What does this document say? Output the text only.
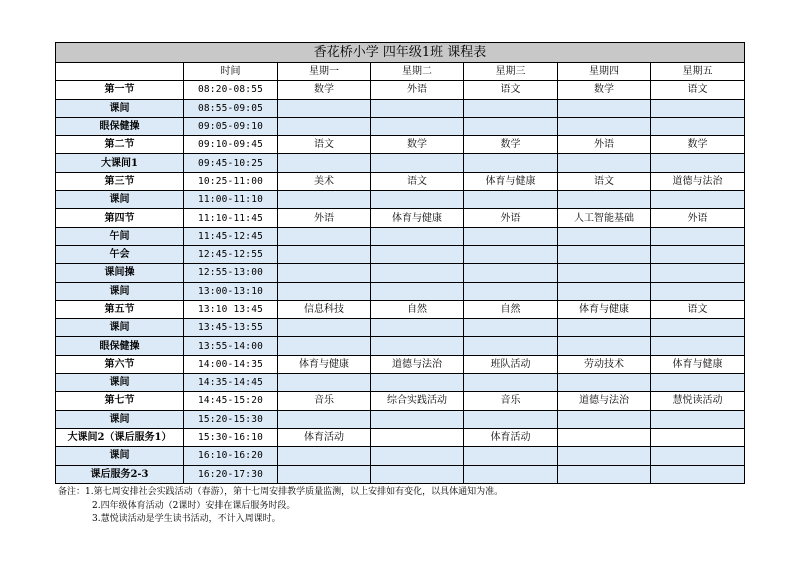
香花桥小学 四年级1班 课程表						
	时间	星期一	星期二	星期三	星期四	星期五
第一节	08:20-08:55	数学	外语	语文	数学	语文
课间	08:55-09:05					
眼保健操	09:05-09:10					
第二节	09:10-09:45	语文	数学	数学	外语	数学
大课间1	09:45-10:25					
第三节	10:25-11:00	美术	语文	体育与健康	语文	道德与法治
课间	11:00-11:10					
第四节	11:10-11:45	外语	体育与健康	外语	人工智能基础	外语
午间	11:45-12:45					
午会	12:45-12:55					
课间操	12:55-13:00					
课间	13:00-13:10					
第五节	13:10 13:45	信息科技	自然	自然	体育与健康	语文
课间	13:45-13:55					
眼保健操	13:55-14:00					
第六节	14:00-14:35	体育与健康	道德与法治	班队活动	劳动技术	体育与健康
课间	14:35-14:45					
第七节	14:45-15:20	音乐	综合实践活动	音乐	道德与法治	慧悦读活动
课间	15:20-15:30					
大课间2（课后服务1）	15:30-16:10	体育活动		体育活动		
课间	16:10-16:20					
课后服务2-3	16:20-17:30					
备注：1.第七周安排社会实践活动（春游），第十七周安排教学质量监测，以上安排如有变化，以具体通知为准。
2.四年级体育活动（2课时）安排在课后服务时段。
3.慧悦读活动是学生读书活动，不计入周课时。
